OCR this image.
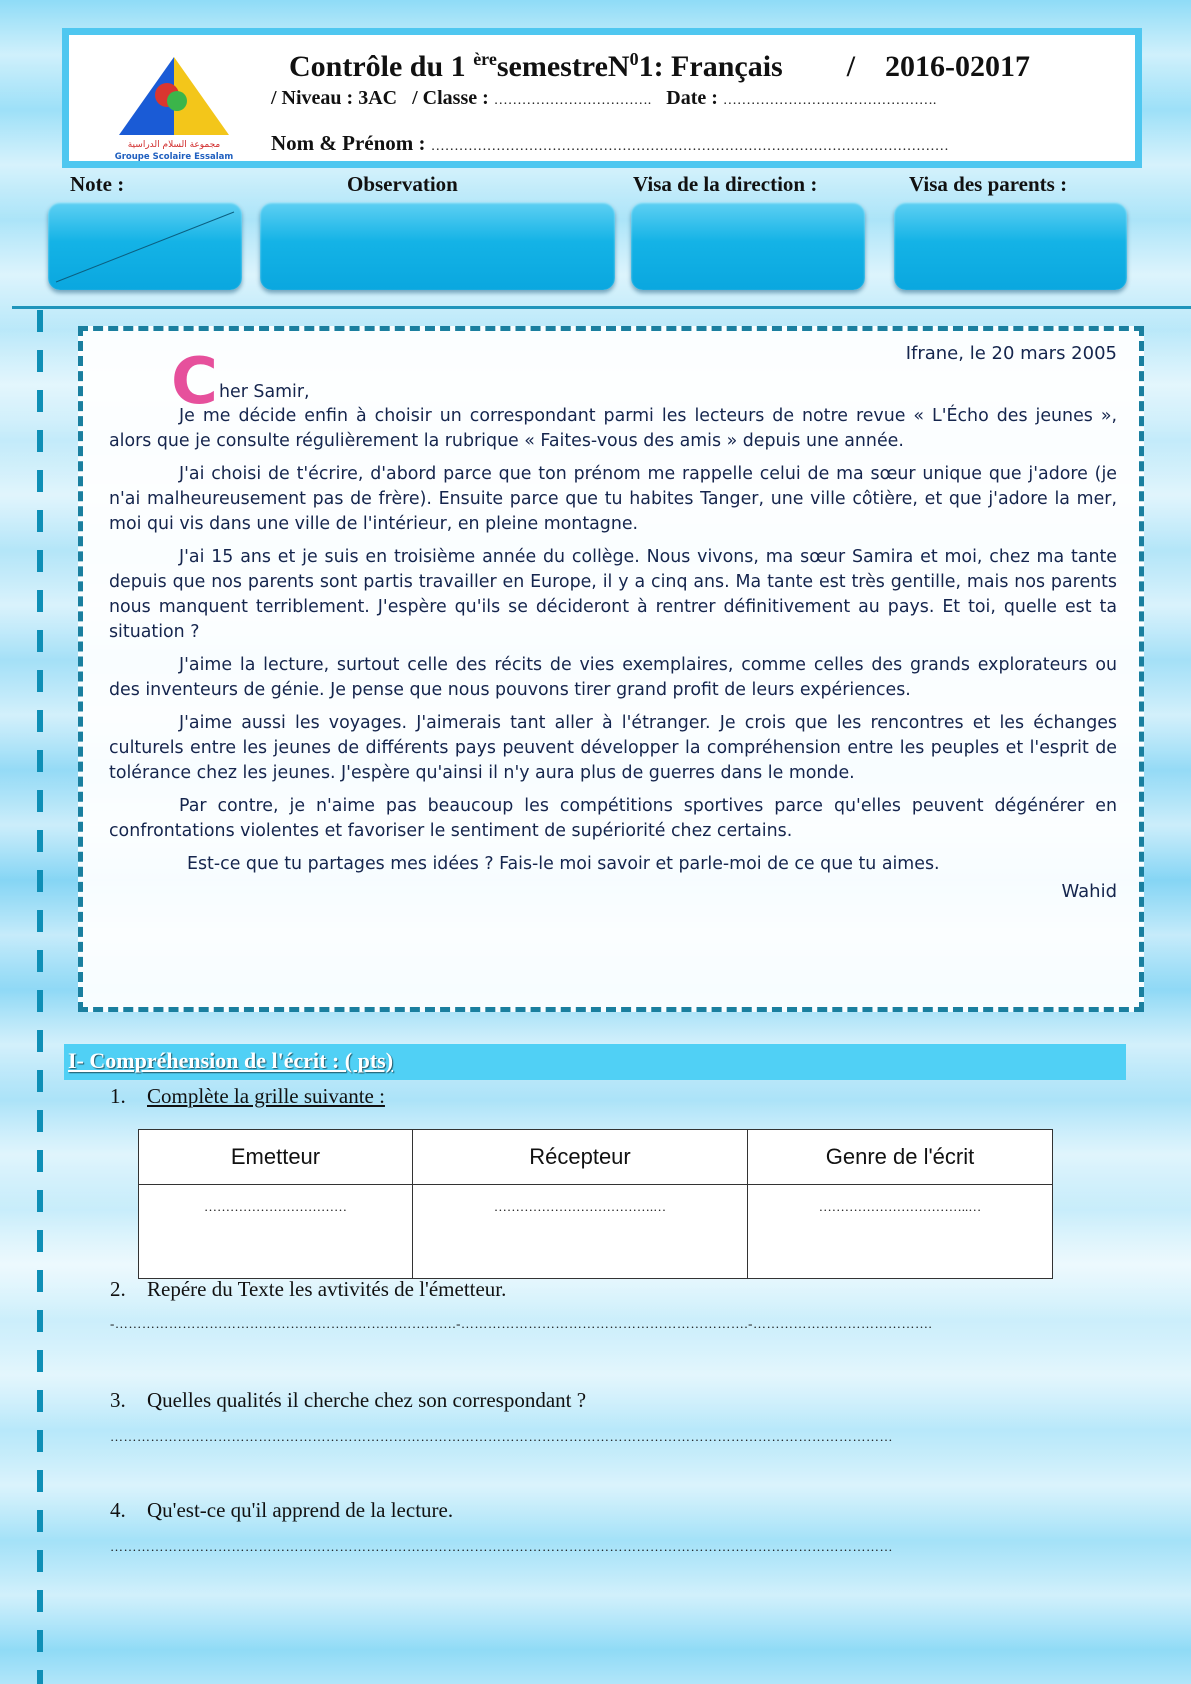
مجموعة السلام الدراسية
Groupe Scolaire Essalam
Contrôle du 1 $^{ère}$semestreN$^0$1: Français / 2016-02017
/ Niveau : 3AC / Classe : ……………………………. Date : ……………………………………….
Nom & Prénom : …………………………………………………………………………………………………
Note :	Observation	Visa de la direction :	Visa des parents :
Ifrane, le 20 mars 2005
C her Samir,

Je me décide enfin à choisir un correspondant parmi les lecteurs de notre revue « L'Écho des jeunes », alors que je consulte régulièrement la rubrique « Faites-vous des amis » depuis une année.

J'ai choisi de t'écrire, d'abord parce que ton prénom me rappelle celui de ma sœur unique que j'adore (je n'ai malheureusement pas de frère). Ensuite parce que tu habites Tanger, une ville côtière, et que j'adore la mer, moi qui vis dans une ville de l'intérieur, en pleine montagne.

J'ai 15 ans et je suis en troisième année du collège. Nous vivons, ma sœur Samira et moi, chez ma tante depuis que nos parents sont partis travailler en Europe, il y a cinq ans. Ma tante est très gentille, mais nos parents nous manquent terriblement. J'espère qu'ils se décideront à rentrer définitivement au pays. Et toi, quelle est ta situation ?

J'aime la lecture, surtout celle des récits de vies exemplaires, comme celles des grands explorateurs ou des inventeurs de génie. Je pense que nous pouvons tirer grand profit de leurs expériences.

J'aime aussi les voyages. J'aimerais tant aller à l'étranger. Je crois que les rencontres et les échanges culturels entre les jeunes de différents pays peuvent développer la compréhension entre les peuples et l'esprit de tolérance chez les jeunes. J'espère qu'ainsi il n'y aura plus de guerres dans le monde.

Par contre, je n'aime pas beaucoup les compétitions sportives parce qu'elles peuvent dégénérer en confrontations violentes et favoriser le sentiment de supériorité chez certains.

Est-ce que tu partages mes idées ? Fais-le moi savoir et parle-moi de ce que tu aimes.

Wahid
I- Compréhension de l'écrit : ( pts)
1. Complète la grille suivante :
Emetteur	Récepteur	Genre de l'écrit
……………………………	……………………………….…	……………………………..…
2. Repére du Texte les avtivités de l'émetteur.
-………………………………………………………………….-……………………………………………………….-………………………………….
3. Quelles qualités il cherche chez son correspondant ?
…………………………………………………………………………………………………………………………………………………………
4. Qu'est-ce qu'il apprend de la lecture.
…………………………………………………………………………………………………………………………………………………………
